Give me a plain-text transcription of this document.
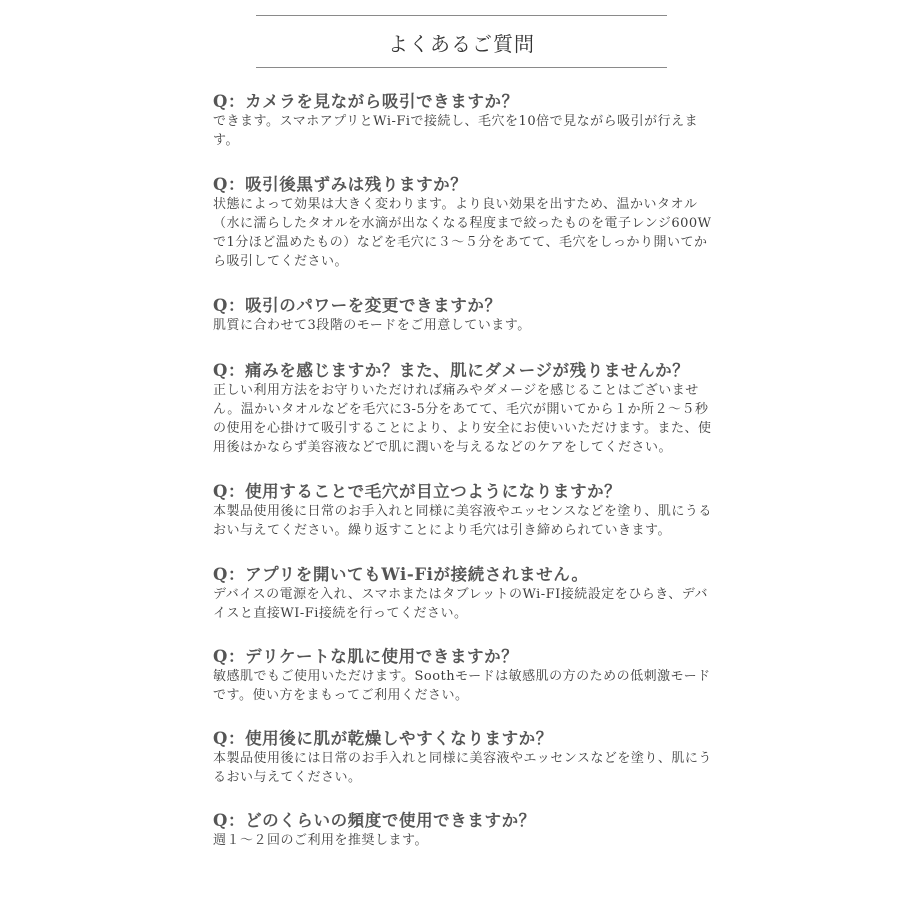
よくあるご質問
Q：カメラを見ながら吸引できますか？
できます。スマホアプリとWi-Fiで接続し、毛穴を10倍で見ながら吸引が行えます。
Q：吸引後黒ずみは残りますか？
状態によって効果は大きく変わります。より良い効果を出すため、温かいタオル（水に濡らしたタオルを水滴が出なくなる程度まで絞ったものを電子レンジ600Wで1分ほど温めたもの）などを毛穴に３～５分をあてて、毛穴をしっかり開いてから吸引してください。
Q：吸引のパワーを変更できますか？
肌質に合わせて3段階のモードをご用意しています。
Q：痛みを感じますか？また、肌にダメージが残りませんか？
正しい利用方法をお守りいただければ痛みやダメージを感じることはございません。温かいタオルなどを毛穴に3-5分をあてて、毛穴が開いてから１か所２～５秒の使用を心掛けて吸引することにより、より安全にお使いいただけます。また、使用後はかならず美容液などで肌に潤いを与えるなどのケアをしてください。
Q：使用することで毛穴が目立つようになりますか？
本製品使用後に日常のお手入れと同様に美容液やエッセンスなどを塗り、肌にうるおい与えてください。繰り返すことにより毛穴は引き締められていきます。
Q：アプリを開いてもWi-Fiが接続されません。
デバイスの電源を入れ、スマホまたはタブレットのWi-FI接続設定をひらき、デバイスと直接WI-Fi接続を行ってください。
Q：デリケートな肌に使用できますか？
敏感肌でもご使用いただけます。Soothモードは敏感肌の方のための低刺激モードです。使い方をまもってご利用ください。
Q：使用後に肌が乾燥しやすくなりますか？
本製品使用後には日常のお手入れと同様に美容液やエッセンスなどを塗り、肌にうるおい与えてください。
Q：どのくらいの頻度で使用できますか？
週１～２回のご利用を推奨します。
